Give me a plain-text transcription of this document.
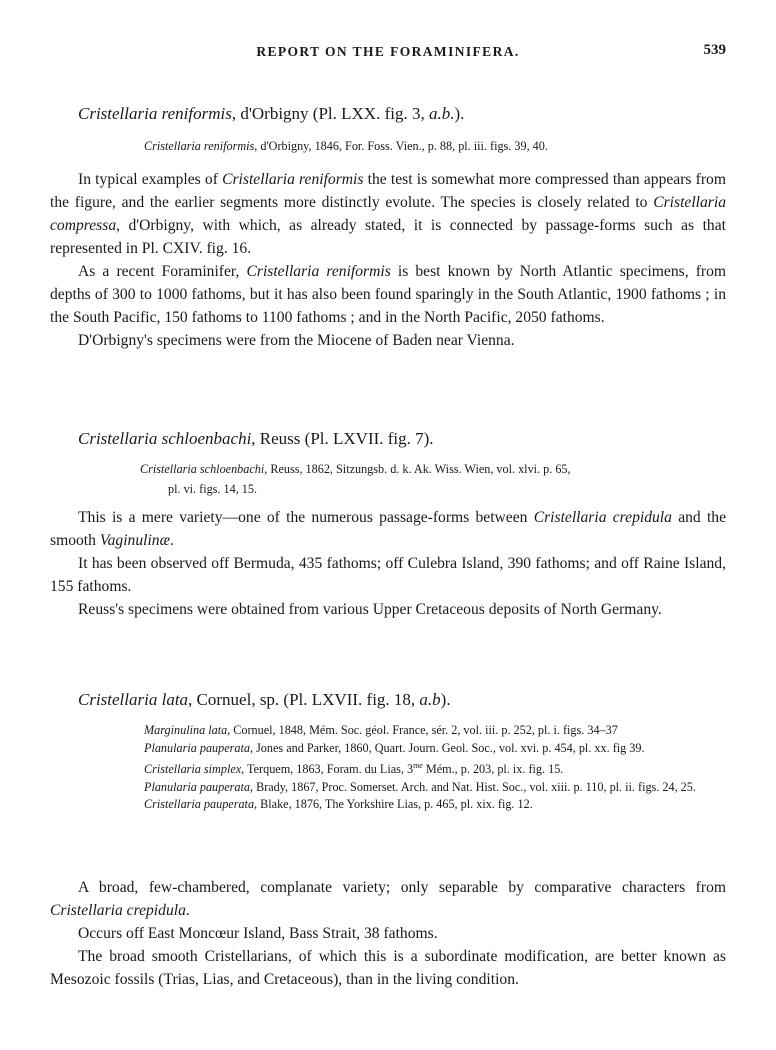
REPORT ON THE FORAMINIFERA.	539
Cristellaria reniformis, d'Orbigny (Pl. LXX. fig. 3, a.b.).
Cristellaria reniformis, d'Orbigny, 1846, For. Foss. Vien., p. 88, pl. iii. figs. 39, 40.

In typical examples of Cristellaria reniformis the test is somewhat more compressed than appears from the figure, and the earlier segments more distinctly evolute. The species is closely related to Cristellaria compressa, d'Orbigny, with which, as already stated, it is connected by passage-forms such as that represented in Pl. CXIV. fig. 16.

As a recent Foraminifer, Cristellaria reniformis is best known by North Atlantic specimens, from depths of 300 to 1000 fathoms, but it has also been found sparingly in the South Atlantic, 1900 fathoms ; in the South Pacific, 150 fathoms to 1100 fathoms ; and in the North Pacific, 2050 fathoms.

D'Orbigny's specimens were from the Miocene of Baden near Vienna.

Cristellaria schloenbachi, Reuss (Pl. LXVII. fig. 7).
Cristellaria schloenbachi, Reuss, 1862, Sitzungsb. d. k. Ak. Wiss. Wien, vol. xlvi. p. 65,
pl. vi. figs. 14, 15.

This is a mere variety—one of the numerous passage-forms between Cristellaria crepidula and the smooth Vaginulinæ.

It has been observed off Bermuda, 435 fathoms; off Culebra Island, 390 fathoms; and off Raine Island, 155 fathoms.

Reuss's specimens were obtained from various Upper Cretaceous deposits of North Germany.

Cristellaria lata, Cornuel, sp. (Pl. LXVII. fig. 18, a.b).

Marginulina lata, Cornuel, 1848, Mém. Soc. géol. France, sér. 2, vol. iii. p. 252, pl. i. figs. 34–37

Planularia pauperata, Jones and Parker, 1860, Quart. Journ. Geol. Soc., vol. xvi. p. 454, pl. xx. fig 39.

Cristellaria simplex, Terquem, 1863, Foram. du Lias, $3^{me}$ Mém., p. 203, pl. ix. fig. 15.

Planularia pauperata, Brady, 1867, Proc. Somerset. Arch. and Nat. Hist. Soc., vol. xiii. p. 110, pl. ii. figs. 24, 25.

Cristellaria pauperata, Blake, 1876, The Yorkshire Lias, p. 465, pl. xix. fig. 12.

A broad, few-chambered, complanate variety; only separable by comparative characters from Cristellaria crepidula.

Occurs off East Moncœur Island, Bass Strait, 38 fathoms.

The broad smooth Cristellarians, of which this is a subordinate modification, are better known as Mesozoic fossils (Trias, Lias, and Cretaceous), than in the living condition.
